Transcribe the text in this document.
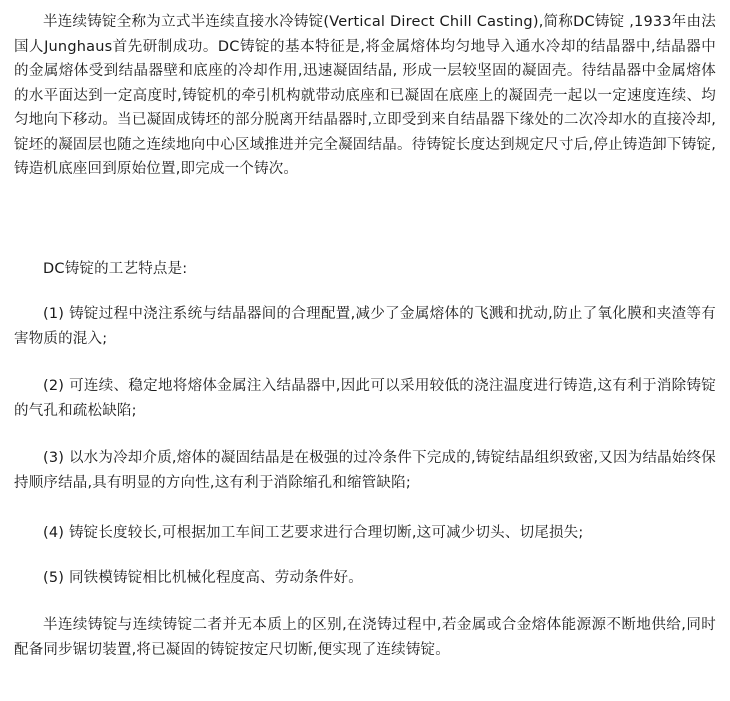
半连续铸锭全称为立式半连续直接水冷铸锭(Vertical Direct Chill Casting),简称DC铸锭 ,1933年由法国人Junghaus首先研制成功。DC铸锭的基本特征是,将金属熔体均匀地导入通水冷却的结晶器中,结晶器中的金属熔体受到结晶器壁和底座的冷却作用,迅速凝固结晶, 形成一层较坚固的凝固壳。待结晶器中金属熔体的水平面达到一定高度时,铸锭机的牵引机构就带动底座和已凝固在底座上的凝固壳一起以一定速度连续、均匀地向下移动。当已凝固成铸坯的部分脱离开结晶器时,立即受到来自结晶器下缘处的二次冷却水的直接冷却,锭坯的凝固层也随之连续地向中心区域推进并完全凝固结晶。待铸锭长度达到规定尺寸后,停止铸造卸下铸锭,铸造机底座回到原始位置,即完成一个铸次。

DC铸锭的工艺特点是:

(1) 铸锭过程中浇注系统与结晶器间的合理配置,减少了金属熔体的飞溅和扰动,防止了氧化膜和夹渣等有害物质的混入;

(2) 可连续、稳定地将熔体金属注入结晶器中,因此可以采用较低的浇注温度进行铸造,这有利于消除铸锭的气孔和疏松缺陷;

(3) 以水为冷却介质,熔体的凝固结晶是在极强的过冷条件下完成的,铸锭结晶组织致密,又因为结晶始终保持顺序结晶,具有明显的方向性,这有利于消除缩孔和缩管缺陷;

(4) 铸锭长度较长,可根据加工车间工艺要求进行合理切断,这可减少切头、切尾损失;

(5) 同铁模铸锭相比机械化程度高、劳动条件好。

半连续铸锭与连续铸锭二者并无本质上的区别,在浇铸过程中,若金属或合金熔体能源源不断地供给,同时配备同步锯切装置,将已凝固的铸锭按定尺切断,便实现了连续铸锭。
